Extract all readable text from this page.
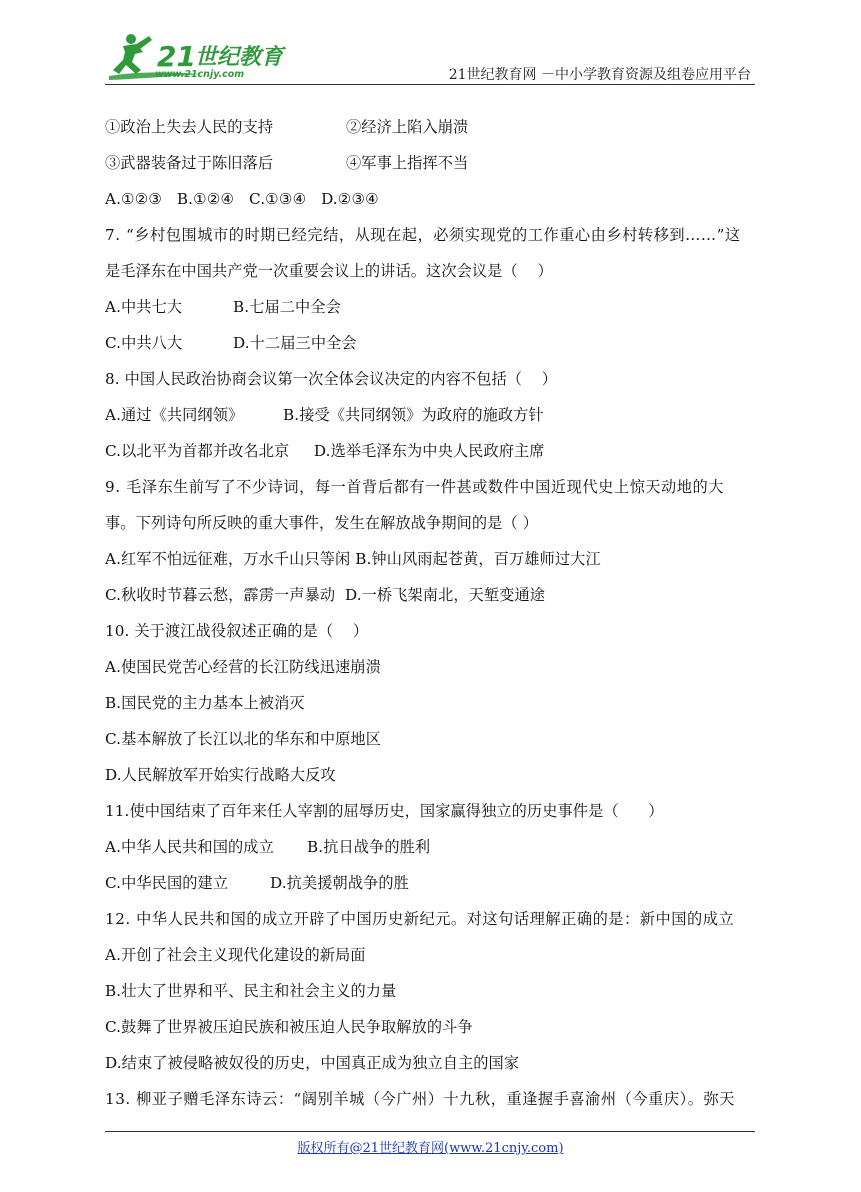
21 世纪教育
www.21cnjy.com	21世纪教育网 －中小学教育资源及组卷应用平台

①政治上失去人民的支持

	②经济上陷入崩溃

③武器装备过于陈旧落后

	④军事上指挥不当

A.①②③   B.①②④   C.①③④   D.②③④
7. “乡村包围城市的时期已经完结，从现在起，必须实现党的工作重心由乡村转移到……”这
是毛泽东在中国共产党一次重要会议上的讲话。这次会议是（    ）

A.中共七大

	B.七届二中全会

C.中共八大

	D.十二届三中全会

8. 中国人民政治协商会议第一次全体会议决定的内容不包括（    ）

A.通过《共同纲领》

	B.接受《共同纲领》为政府的施政方针

C.以北平为首都并改名北京     D.选举毛泽东为中央人民政府主席
9. 毛泽东生前写了不少诗词，每一首背后都有一件甚或数件中国近现代史上惊天动地的大
事。下列诗句所反映的重大事件，发生在解放战争期间的是（ ）
A.红军不怕远征难，万水千山只等闲 B.钟山风雨起苍黄，百万雄师过大江
C.秋收时节暮云愁，霹雳一声暴动  D.一桥飞架南北，天堑变通途
10. 关于渡江战役叙述正确的是（    ）
A.使国民党苦心经营的长江防线迅速崩溃
B.国民党的主力基本上被消灭
C.基本解放了长江以北的华东和中原地区
D.人民解放军开始实行战略大反攻
11.使中国结束了百年来任人宰割的屈辱历史，国家赢得独立的历史事件是（      ）

A.中华人民共和国的成立

B.抗日战争的胜利

C.中华民国的建立

	D.抗美援朝战争的胜

12. 中华人民共和国的成立开辟了中国历史新纪元。对这句话理解正确的是：新中国的成立
A.开创了社会主义现代化建设的新局面
B.壮大了世界和平、民主和社会主义的力量
C.鼓舞了世界被压迫民族和被压迫人民争取解放的斗争
D.结束了被侵略被奴役的历史，中国真正成为独立自主的国家
13. 柳亚子赠毛泽东诗云：“阔别羊城（今广州）十九秋，重逢握手喜渝州（今重庆）。弥天
版权所有@21世纪教育网(www.21cnjy.com)
